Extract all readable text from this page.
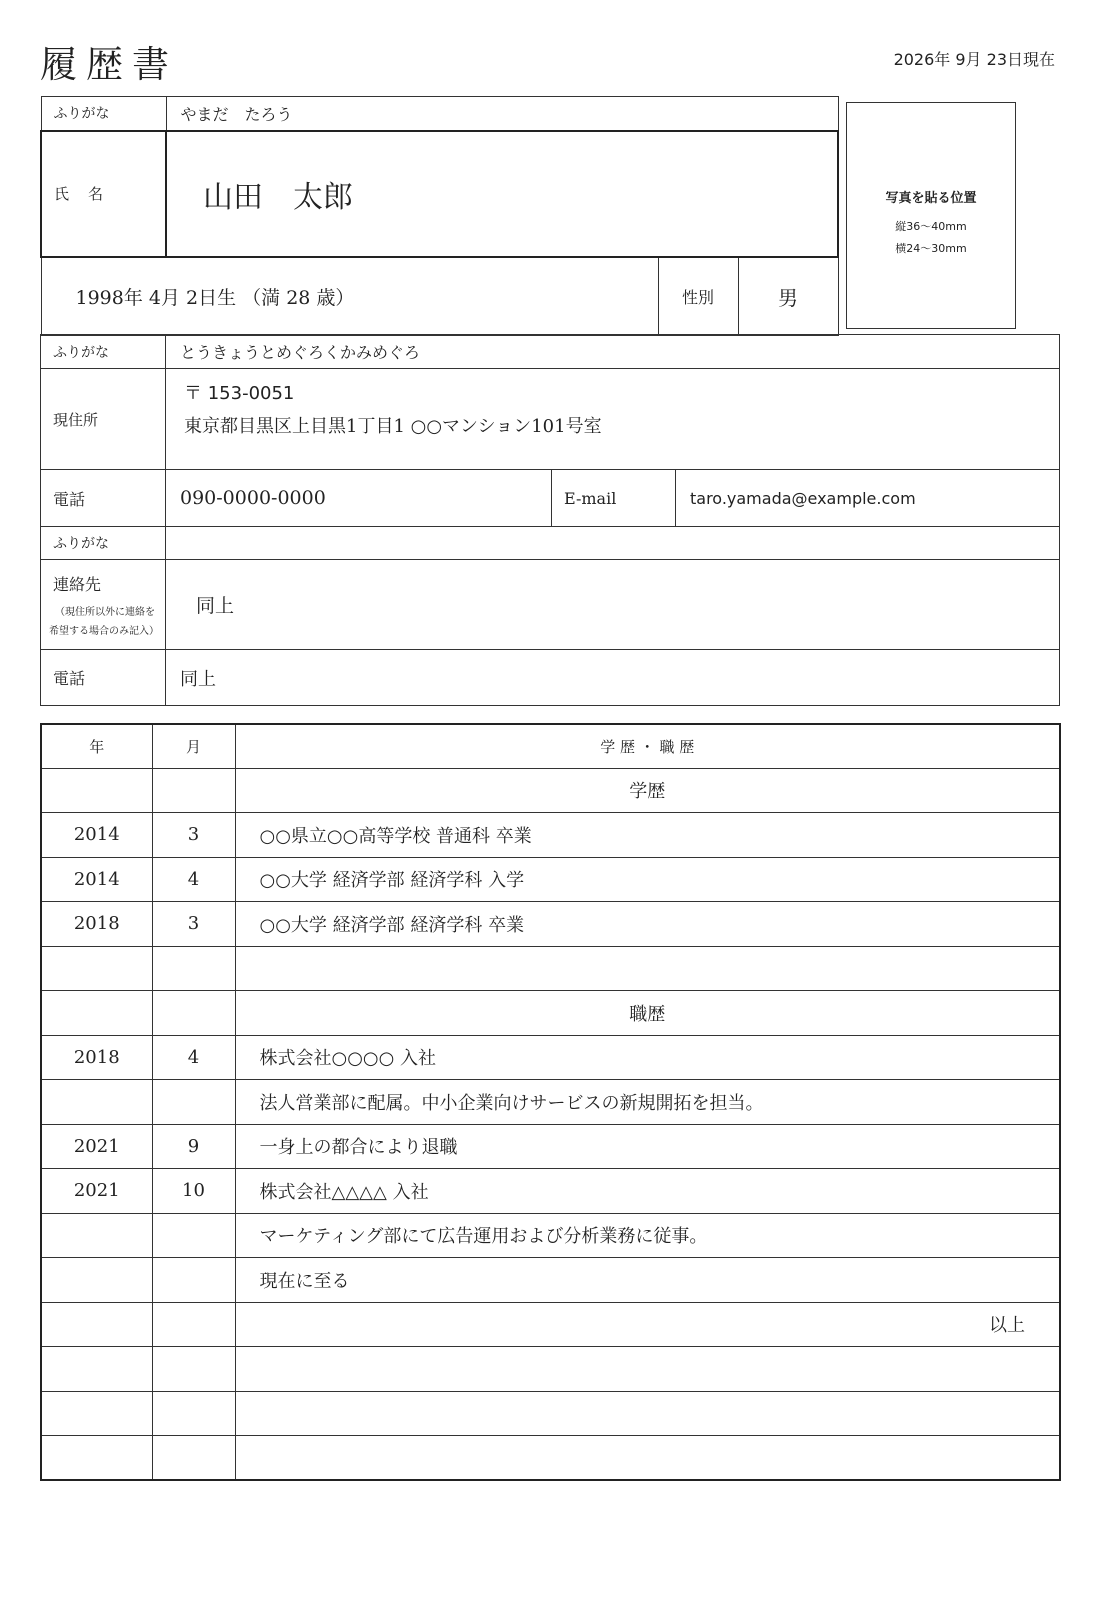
履歴書	2026年 9月 23日現在
ふりがな	やまだ　たろう		
氏　名	山田　太郎		
1998年 4月 2日生 （満 28 歳）		性別	男
写真を貼る位置
縦36〜40mm
横24〜30mm
ふりがな	とうきょうとめぐろくかみめぐろ		
現住所	〒 153-0051
東京都目黒区上目黒1丁目1 ○○マンション101号室		

電話	090-0000-0000	E-mail	taro.yamada@example.com
ふりがな			

連絡先
（現住所以外に連絡を
希望する場合のみ記入）	同上		
電話	同上		
年	月	学 歴 ・ 職 歴
		学歴
2014	3	○○県立○○高等学校 普通科 卒業
2014	4	○○大学 経済学部 経済学科 入学
2018	3	○○大学 経済学部 経済学科 卒業

		職歴
2018	4	株式会社○○○○ 入社
		法人営業部に配属。中小企業向けサービスの新規開拓を担当。
2021	9	一身上の都合により退職
2021	10	株式会社△△△△ 入社
		マーケティング部にて広告運用および分析業務に従事。
		現在に至る
		以上
